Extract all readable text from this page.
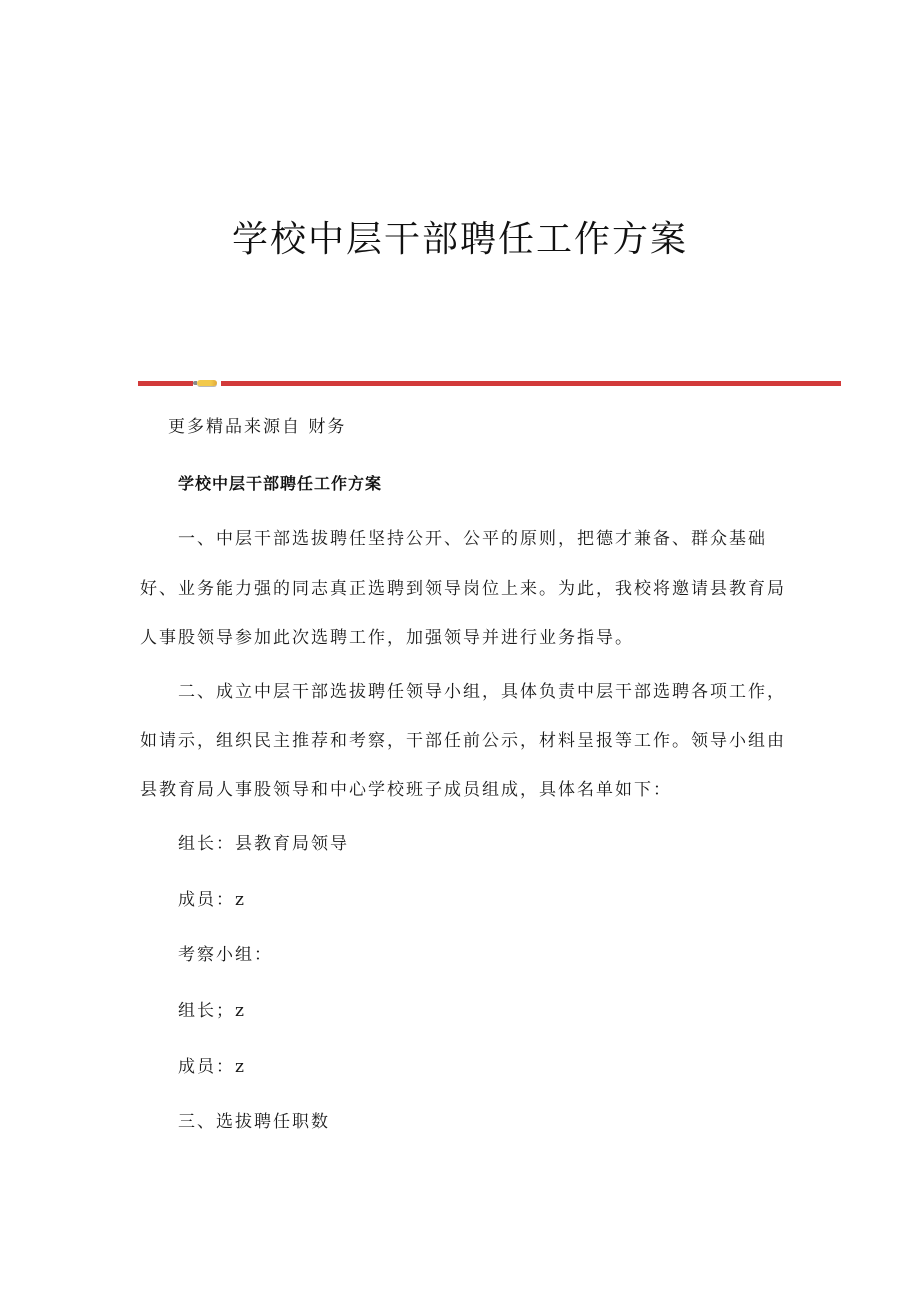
学校中层干部聘任工作方案
更多精品来源自 财务
学校中层干部聘任工作方案
一、中层干部选拔聘任坚持公开、公平的原则，把德才兼备、群众基础
好、业务能力强的同志真正选聘到领导岗位上来。为此，我校将邀请县教育局
人事股领导参加此次选聘工作，加强领导并进行业务指导。
二、成立中层干部选拔聘任领导小组，具体负责中层干部选聘各项工作，
如请示，组织民主推荐和考察，干部任前公示，材料呈报等工作。领导小组由
县教育局人事股领导和中心学校班子成员组成，具体名单如下：
组长：县教育局领导
成员：z
考察小组：
组长；z
成员：z
三、选拔聘任职数
